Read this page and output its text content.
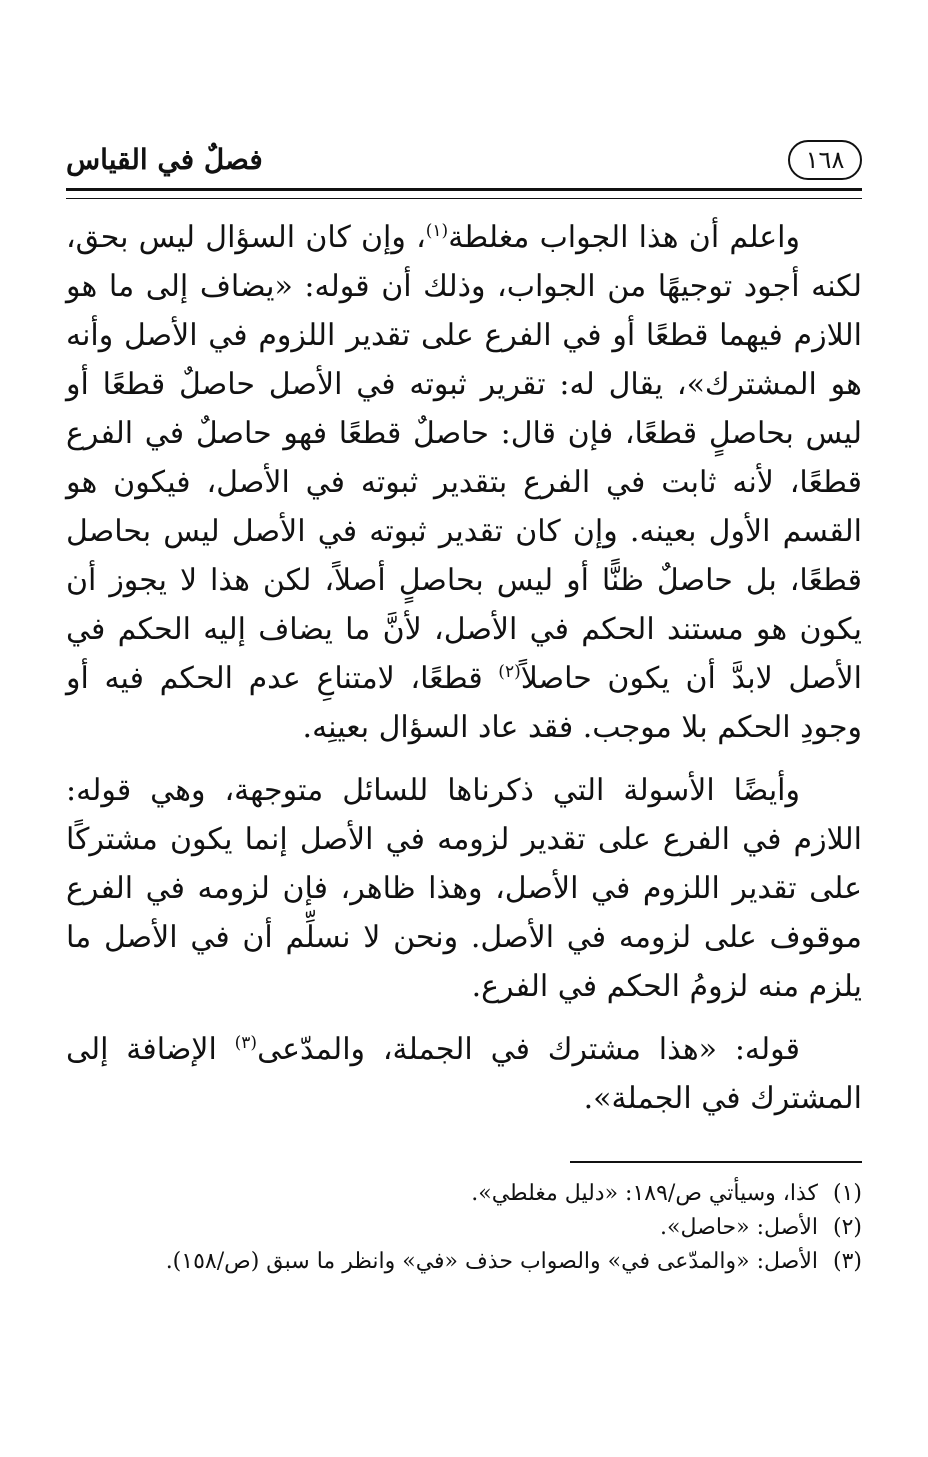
١٦٨
فصلٌ في القياس

واعلم أن هذا الجواب مغلطة$^{(١)}$، وإن كان السؤال ليس بحق، لكنه أجود توجيهًا من الجواب، وذلك أن قوله: «يضاف إلى ما هو اللازم فيهما قطعًا أو في الفرع على تقدير اللزوم في الأصل وأنه هو المشترك»، يقال له: تقرير ثبوته في الأصل حاصلٌ قطعًا أو ليس بحاصلٍ قطعًا، فإن قال: حاصلٌ قطعًا فهو حاصلٌ في الفرع قطعًا، لأنه ثابت في الفرع بتقدير ثبوته في الأصل، فيكون هو القسم الأول بعينه. وإن كان تقدير ثبوته في الأصل ليس بحاصل قطعًا، بل حاصلٌ ظنًّا أو ليس بحاصلٍ أصلاً، لكن هذا لا يجوز أن يكون هو مستند الحكم في الأصل، لأنَّ ما يضاف إليه الحكم في الأصل لابدَّ أن يكون حاصلاً$^{(٢)}$ قطعًا، لامتناعِ عدم الحكم فيه أو وجودِ الحكم بلا موجب. فقد عاد السؤال بعينِه.

وأيضًا الأسولة التي ذكرناها للسائل متوجهة، وهي قوله: اللازم في الفرع على تقدير لزومه في الأصل إنما يكون مشتركًا على تقدير اللزوم في الأصل، وهذا ظاهر، فإن لزومه في الفرع موقوف على لزومه في الأصل. ونحن لا نسلِّم أن في الأصل ما يلزم منه لزومُ الحكم في الفرع.

قوله: «هذا مشترك في الجملة، والمدّعى$^{(٣)}$ الإضافة إلى المشترك في الجملة».

(١)كذا، وسيأتي ص/١٨٩: «دليل مغلطي».

(٢)الأصل: «حاصل».

(٣)الأصل: «والمدّعى في» والصواب حذف «في» وانظر ما سبق (ص/١٥٨).
